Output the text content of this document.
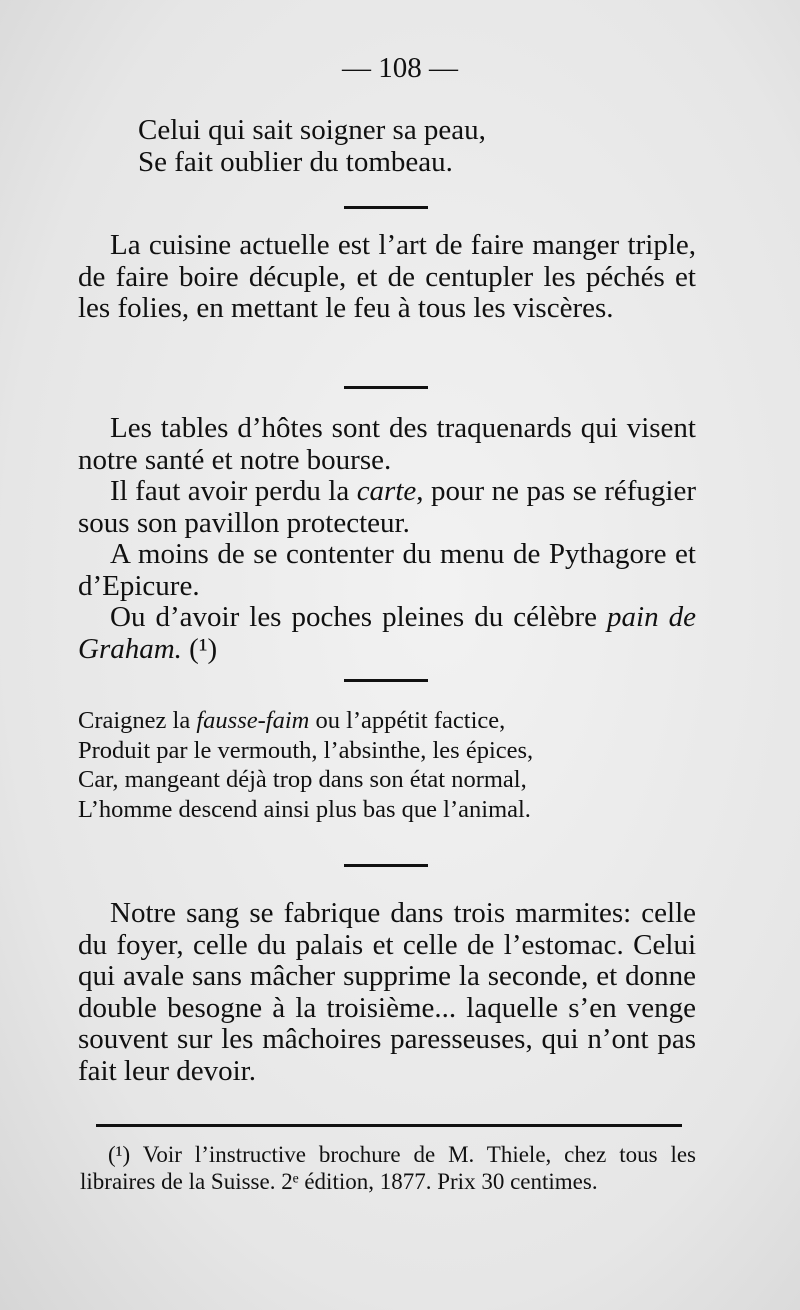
— 108 —
Celui qui sait soigner sa peau,
Se fait oublier du tombeau.

La cuisine actuelle est l’art de faire manger triple, de faire boire décuple, et de centupler les péchés et les folies, en mettant le feu à tous les viscères.

Les tables d’hôtes sont des traquenards qui visent notre santé et notre bourse.

Il faut avoir perdu la carte, pour ne pas se réfugier sous son pavillon protecteur.

A moins de se contenter du menu de Pythagore et d’Epicure.

Ou d’avoir les poches pleines du célèbre pain de Graham. (¹)

Craignez la fausse-faim ou l’appétit factice,
Produit par le vermouth, l’absinthe, les épices,
Car, mangeant déjà trop dans son état normal,
L’homme descend ainsi plus bas que l’animal.

Notre sang se fabrique dans trois marmites: celle du foyer, celle du palais et celle de l’estomac. Celui qui avale sans mâcher supprime la seconde, et donne double besogne à la troisième... laquelle s’en venge souvent sur les mâchoires paresseuses, qui n’ont pas fait leur devoir.

(¹) Voir l’instructive brochure de M. Thiele, chez tous les libraires de la Suisse. 2ᵉ édition, 1877. Prix 30 centimes.
